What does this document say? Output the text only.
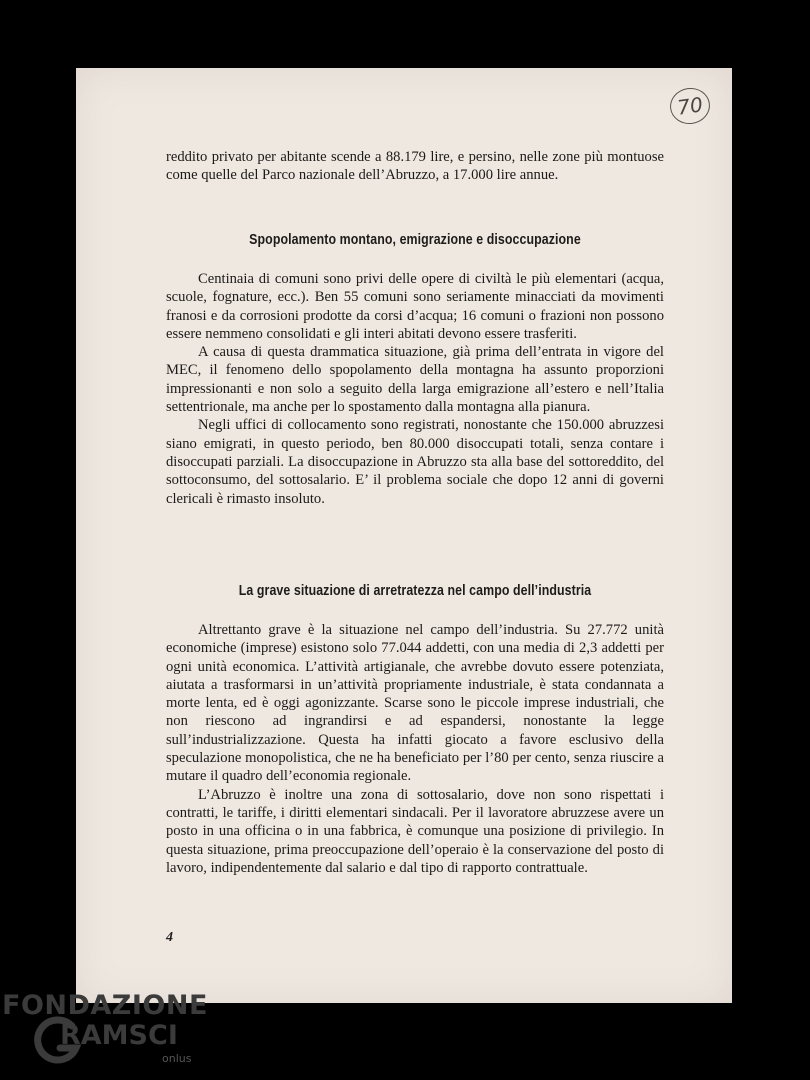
70

reddito privato per abitante scende a 88.179 lire, e persino, nelle zone più montuose come quelle del Parco nazionale dell’Abruzzo, a 17.000 lire annue.

Spopolamento montano, emigrazione e disoccupazione

Centinaia di comuni sono privi delle opere di civiltà le più elementari (acqua, scuole, fognature, ecc.). Ben 55 comuni sono seriamente minacciati da movimenti franosi e da corrosioni prodotte da corsi d’acqua; 16 comuni o frazioni non possono essere nemmeno consolidati e gli interi abitati devono essere trasferiti.

A causa di questa drammatica situazione, già prima dell’entrata in vigore del MEC, il fenomeno dello spopolamento della montagna ha assunto proporzioni impressionanti e non solo a seguito della larga emigrazione all’estero e nell’Italia settentrionale, ma anche per lo spostamento dalla montagna alla pianura.

Negli uffici di collocamento sono registrati, nonostante che 150.000 abruzzesi siano emigrati, in questo periodo, ben 80.000 disoccupati totali, senza contare i disoccupati parziali. La disoccupazione in Abruzzo sta alla base del sottoreddito, del sottoconsumo, del sottosalario. E’ il problema sociale che dopo 12 anni di governi clericali è rimasto insoluto.

La grave situazione di arretratezza nel campo dell’industria

Altrettanto grave è la situazione nel campo dell’industria. Su 27.772 unità economiche (imprese) esistono solo 77.044 addetti, con una media di 2,3 addetti per ogni unità economica. L’attività artigianale, che avrebbe dovuto essere potenziata, aiutata a trasformarsi in un’attività propriamente industriale, è stata condannata a morte lenta, ed è oggi agonizzante. Scarse sono le piccole imprese industriali, che non riescono ad ingrandirsi e ad espandersi, nonostante la legge sull’industrializzazione. Questa ha infatti giocato a favore esclusivo della speculazione monopolistica, che ne ha beneficiato per l’80 per cento, senza riuscire a mutare il quadro dell’economia regionale.

L’Abruzzo è inoltre una zona di sottosalario, dove non sono rispettati i contratti, le tariffe, i diritti elementari sindacali. Per il lavoratore abruzzese avere un posto in una officina o in una fabbrica, è comunque una posizione di privilegio. In questa situazione, prima preoccupazione dell’operaio è la conservazione del posto di lavoro, indipendentemente dal salario e dal tipo di rapporto contrattuale.

4
FONDAZIONE
RAMSCI
onlus
